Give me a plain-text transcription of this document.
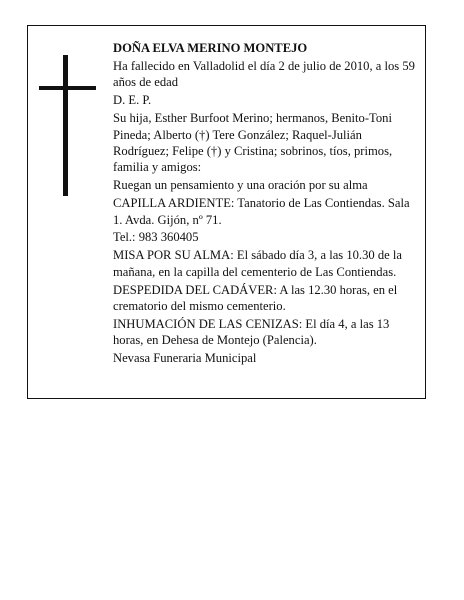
DOÑA ELVA MERINO MONTEJO

Ha fallecido en Valladolid el día 2 de julio de 2010, a los 59 años de edad

D. E. P.

Su hija, Esther Burfoot Merino; hermanos, Benito-Toni Pineda; Alberto (†) Tere González; Raquel-Julián Rodríguez; Felipe (†) y Cristina; sobrinos, tíos, primos, familia y amigos:

Ruegan un pensamiento y una oración por su alma

CAPILLA ARDIENTE: Tanatorio de Las Contiendas. Sala 1. Avda. Gijón, nº 71.

Tel.: 983 360405

MISA POR SU ALMA: El sábado día 3, a las 10.30 de la mañana, en la capilla del cementerio de Las Contiendas.

DESPEDIDA DEL CADÁVER: A las 12.30 horas, en el crematorio del mismo cementerio.

INHUMACIÓN DE LAS CENIZAS: El día 4, a las 13 horas, en Dehesa de Montejo (Palencia).

Nevasa Funeraria Municipal
